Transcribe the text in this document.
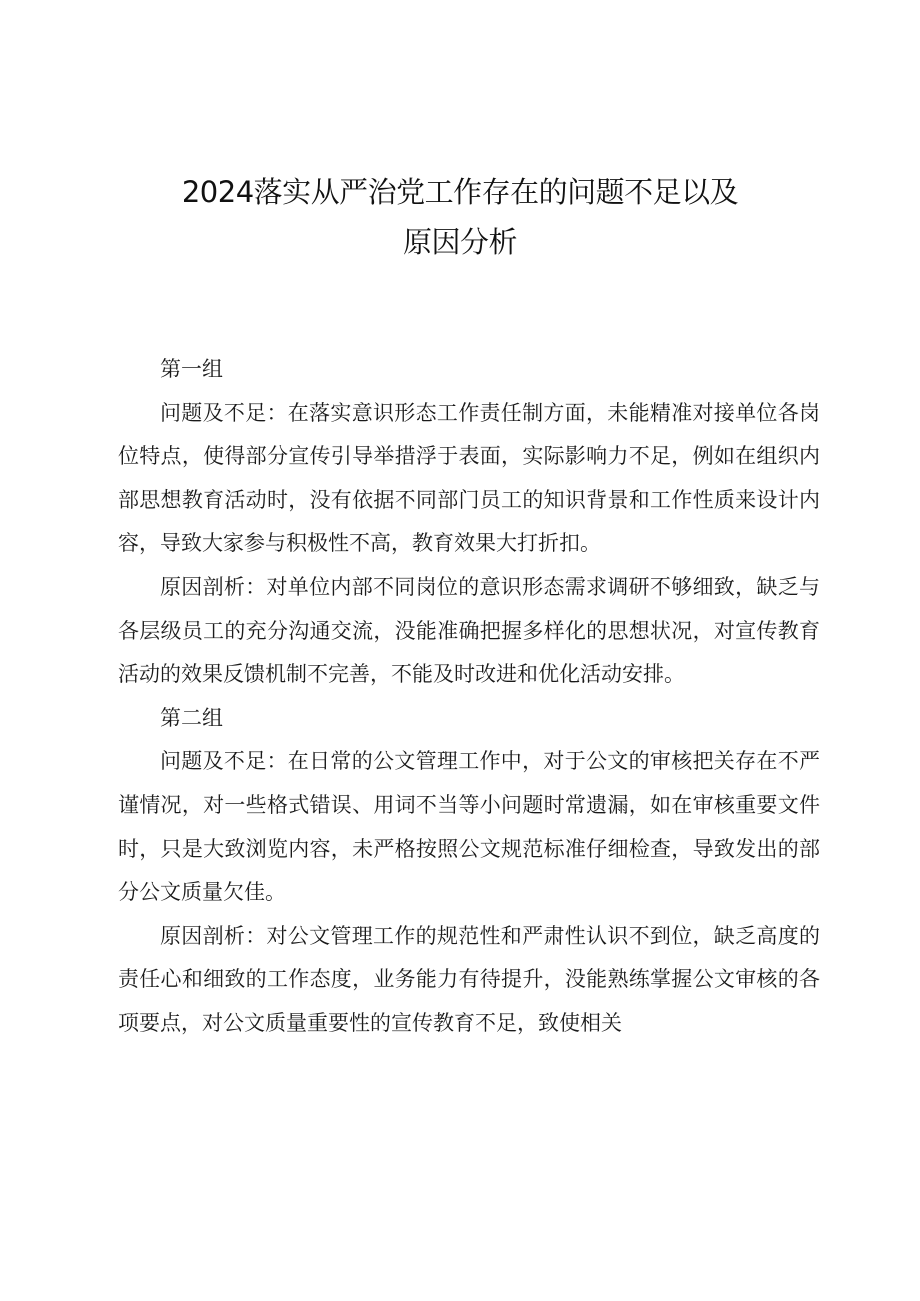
2024落实从严治党工作存在的问题不足以及
原因分析

第一组

问题及不足：在落实意识形态工作责任制方面，未能精准对接单位各岗位特点，使得部分宣传引导举措浮于表面，实际影响力不足，例如在组织内部思想教育活动时，没有依据不同部门员工的知识背景和工作性质来设计内容，导致大家参与积极性不高，教育效果大打折扣。

原因剖析：对单位内部不同岗位的意识形态需求调研不够细致，缺乏与各层级员工的充分沟通交流，没能准确把握多样化的思想状况，对宣传教育活动的效果反馈机制不完善，不能及时改进和优化活动安排。

第二组

问题及不足：在日常的公文管理工作中，对于公文的审核把关存在不严谨情况，对一些格式错误、用词不当等小问题时常遗漏，如在审核重要文件时，只是大致浏览内容，未严格按照公文规范标准仔细检查，导致发出的部分公文质量欠佳。

原因剖析：对公文管理工作的规范性和严肃性认识不到位，缺乏高度的责任心和细致的工作态度，业务能力有待提升，没能熟练掌握公文审核的各项要点，对公文质量重要性的宣传教育不足，致使相关
